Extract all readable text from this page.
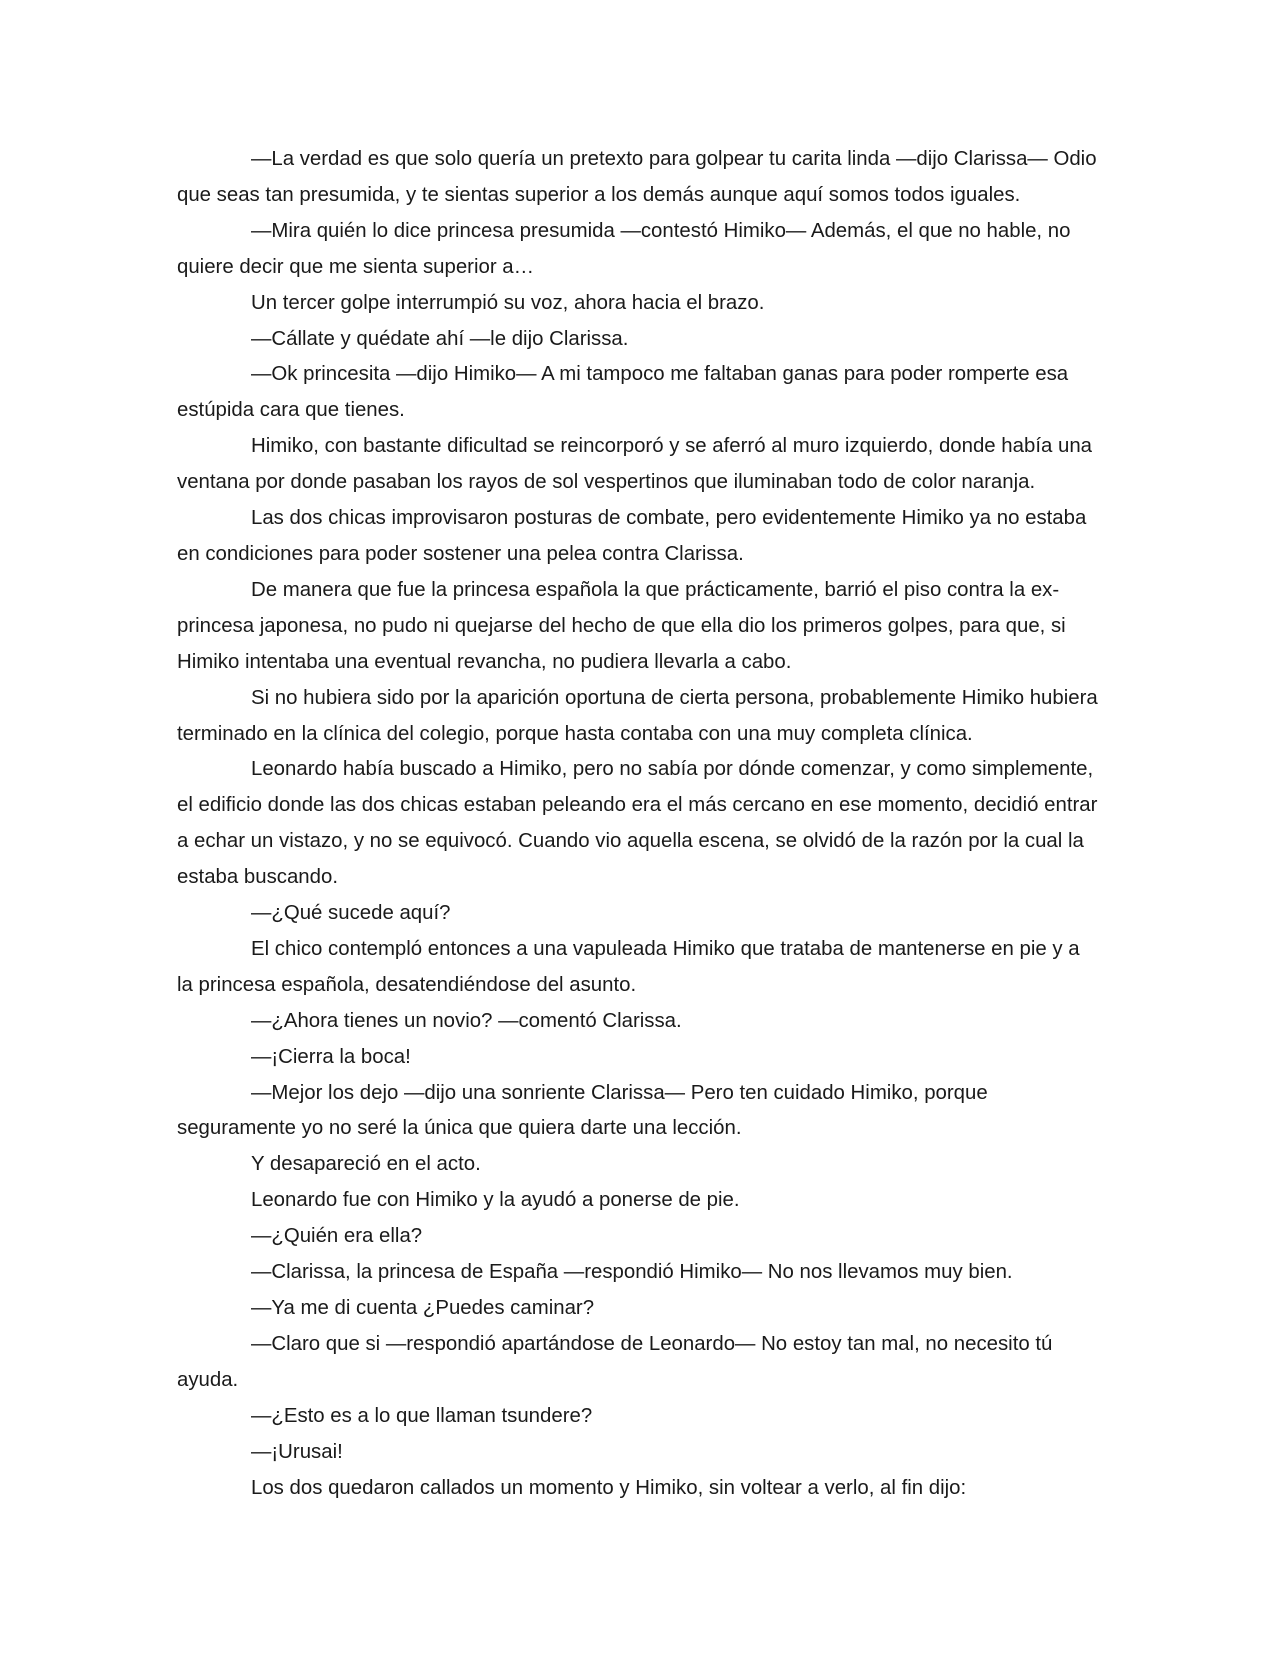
—La verdad es que solo quería un pretexto para golpear tu carita linda —dijo Clarissa— Odio que seas tan presumida, y te sientas superior a los demás aunque aquí somos todos iguales.

—Mira quién lo dice princesa presumida —contestó Himiko— Además, el que no hable, no quiere decir que me sienta superior a…

Un tercer golpe interrumpió su voz, ahora hacia el brazo.

—Cállate y quédate ahí —le dijo Clarissa.

—Ok princesita —dijo Himiko— A mi tampoco me faltaban ganas para poder romperte esa estúpida cara que tienes.

Himiko, con bastante dificultad se reincorporó y se aferró al muro izquierdo, donde había una ventana por donde pasaban los rayos de sol vespertinos que iluminaban todo de color naranja.

Las dos chicas improvisaron posturas de combate, pero evidentemente Himiko ya no estaba en condiciones para poder sostener una pelea contra Clarissa.

De manera que fue la princesa española la que prácticamente, barrió el piso contra la ex-princesa japonesa, no pudo ni quejarse del hecho de que ella dio los primeros golpes, para que, si Himiko intentaba una eventual revancha, no pudiera llevarla a cabo.

Si no hubiera sido por la aparición oportuna de cierta persona, probablemente Himiko hubiera terminado en la clínica del colegio, porque hasta contaba con una muy completa clínica.

Leonardo había buscado a Himiko, pero no sabía por dónde comenzar, y como simplemente, el edificio donde las dos chicas estaban peleando era el más cercano en ese momento, decidió entrar a echar un vistazo, y no se equivocó. Cuando vio aquella escena, se olvidó de la razón por la cual la estaba buscando.

—¿Qué sucede aquí?

El chico contempló entonces a una vapuleada Himiko que trataba de mantenerse en pie y a la princesa española, desatendiéndose del asunto.

—¿Ahora tienes un novio? —comentó Clarissa.

—¡Cierra la boca!

—Mejor los dejo —dijo una sonriente Clarissa— Pero ten cuidado Himiko, porque seguramente yo no seré la única que quiera darte una lección.

Y desapareció en el acto.

Leonardo fue con Himiko y la ayudó a ponerse de pie.

—¿Quién era ella?

—Clarissa, la princesa de España —respondió Himiko— No nos llevamos muy bien.

—Ya me di cuenta ¿Puedes caminar?

—Claro que si —respondió apartándose de Leonardo— No estoy tan mal, no necesito tú ayuda.

—¿Esto es a lo que llaman tsundere?

—¡Urusai!

Los dos quedaron callados un momento y Himiko, sin voltear a verlo, al fin dijo:
